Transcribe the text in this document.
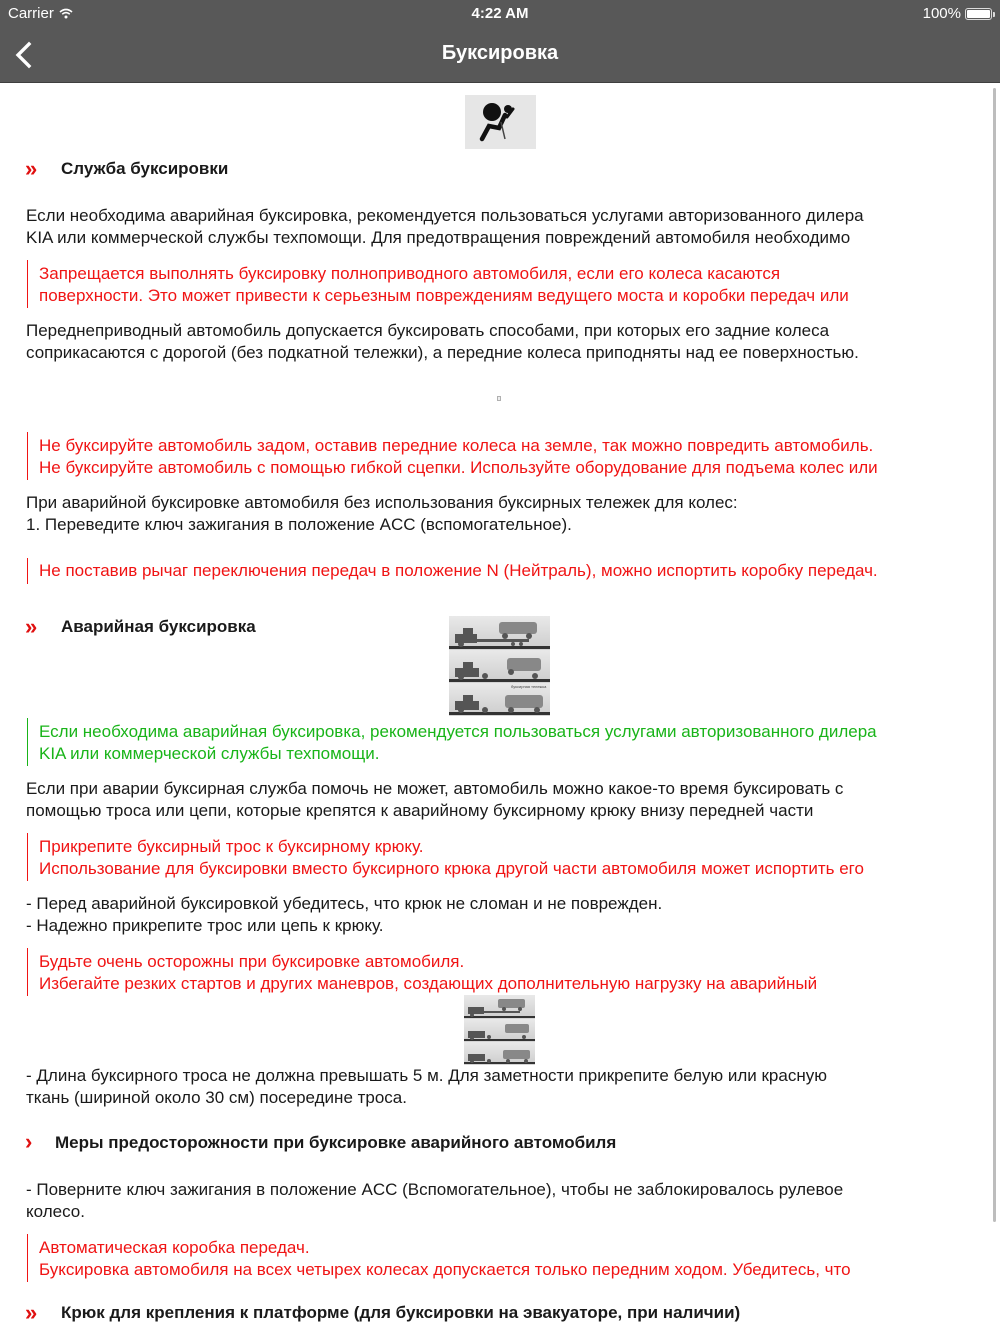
Carrier	4:22 AM	100%
Буксировка
» Служба буксировки
Если необходима аварийная буксировка, рекомендуется пользоваться услугами авторизованного дилера
KIA или коммерческой службы техпомощи. Для предотвращения повреждений автомобиля необходимо
Запрещается выполнять буксировку полноприводного автомобиля, если его колеса касаются
поверхности. Это может привести к серьезным повреждениям ведущего моста и коробки передач или
Переднеприводный автомобиль допускается буксировать способами, при которых его задние колеса
соприкасаются с дорогой (без подкатной тележки), а передние колеса приподняты над ее поверхностью.
Не буксируйте автомобиль задом, оставив передние колеса на земле, так можно повредить автомобиль.
Не буксируйте автомобиль с помощью гибкой сцепки. Используйте оборудование для подъема колес или
При аварийной буксировке автомобиля без использования буксирных тележек для колес:
1. Переведите ключ зажигания в положение ACC (вспомогательное).
Не поставив рычаг переключения передач в положение N (Нейтраль), можно испортить коробку передач.
» Аварийная буксировка
буксирная тележка
Если необходима аварийная буксировка, рекомендуется пользоваться услугами авторизованного дилера
KIA или коммерческой службы техпомощи.
Если при аварии буксирная служба помочь не может, автомобиль можно какое-то время буксировать с
помощью троса или цепи, которые крепятся к аварийному буксирному крюку внизу передней части
Прикрепите буксирный трос к буксирному крюку.
Использование для буксировки вместо буксирного крюка другой части автомобиля может испортить его
- Перед аварийной буксировкой убедитесь, что крюк не сломан и не поврежден.
- Надежно прикрепите трос или цепь к крюку.
Будьте очень осторожны при буксировке автомобиля.
Избегайте резких стартов и других маневров, создающих дополнительную нагрузку на аварийный
- Длина буксирного троса не должна превышать 5 м. Для заметности прикрепите белую или красную
ткань (шириной около 30 см) посередине троса.
› Меры предосторожности при буксировке аварийного автомобиля
- Поверните ключ зажигания в положение ACC (Вспомогательное), чтобы не заблокировалось рулевое
колесо.
Автоматическая коробка передач.
Буксировка автомобиля на всех четырех колесах допускается только передним ходом. Убедитесь, что
» Крюк для крепления к платформе (для буксировки на эвакуаторе, при наличии)
